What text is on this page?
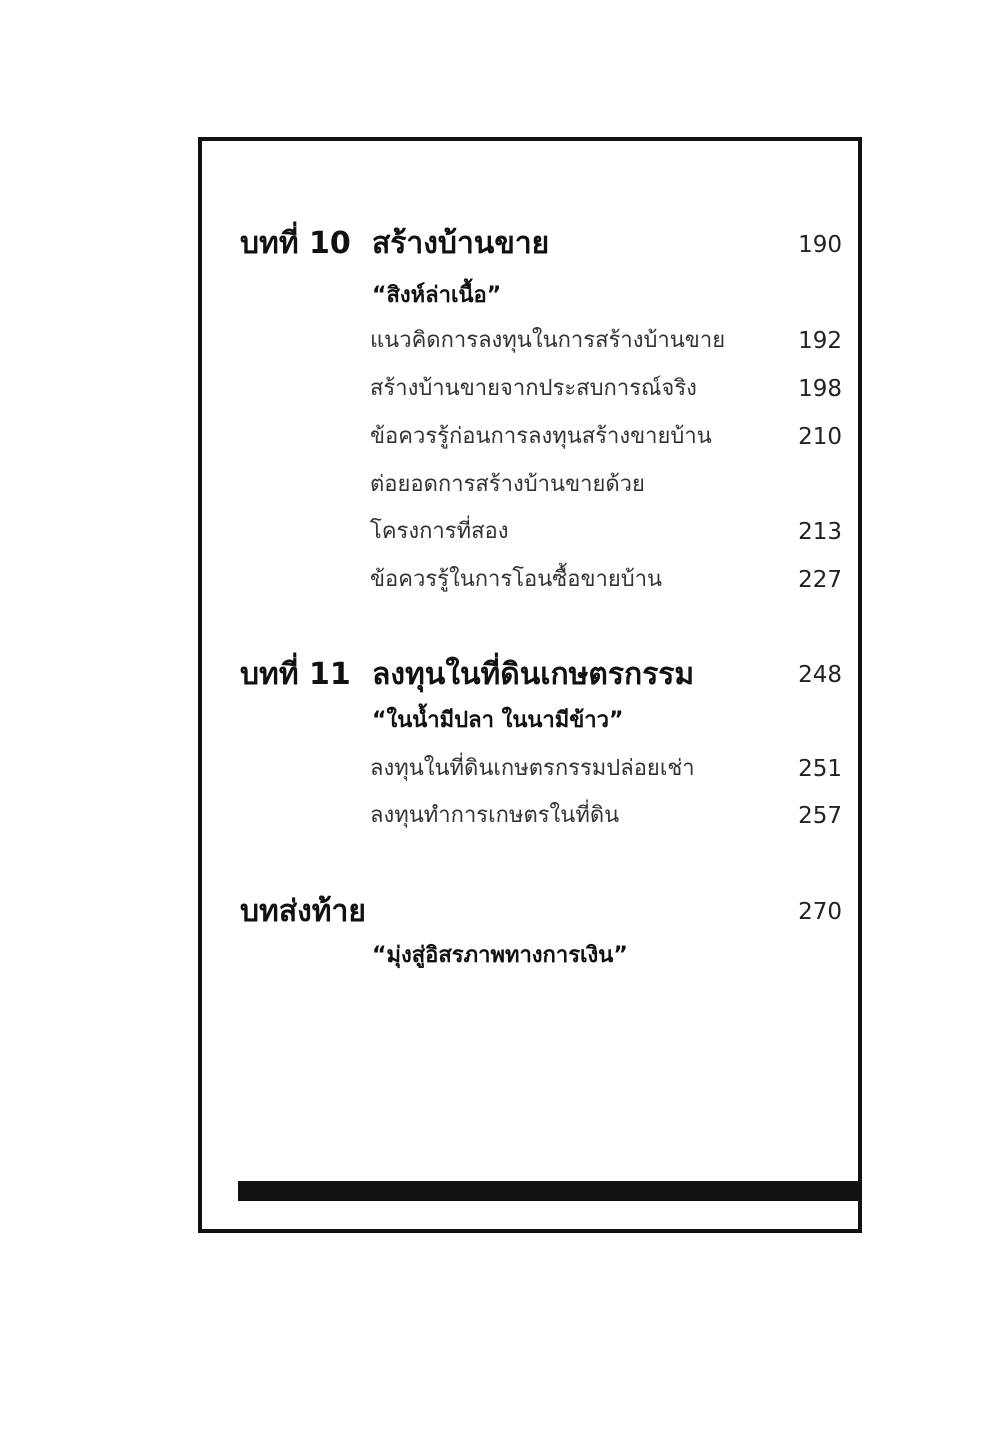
บทที่ 10 สร้างบ้านขาย	190
“สิงห์ล่าเนื้อ”
แนวคิดการลงทุนในการสร้างบ้านขาย	192
สร้างบ้านขายจากประสบการณ์จริง	198
ข้อควรรู้ก่อนการลงทุนสร้างขายบ้าน	210
ต่อยอดการสร้างบ้านขายด้วย
โครงการที่สอง	213
ข้อควรรู้ในการโอนซื้อขายบ้าน	227
บทที่ 11 ลงทุนในที่ดินเกษตรกรรม	248
“ในน้ำมีปลา ในนามีข้าว”
ลงทุนในที่ดินเกษตรกรรมปล่อยเช่า	251
ลงทุนทำการเกษตรในที่ดิน	257
บทส่งท้าย	270
“มุ่งสู่อิสรภาพทางการเงิน”
